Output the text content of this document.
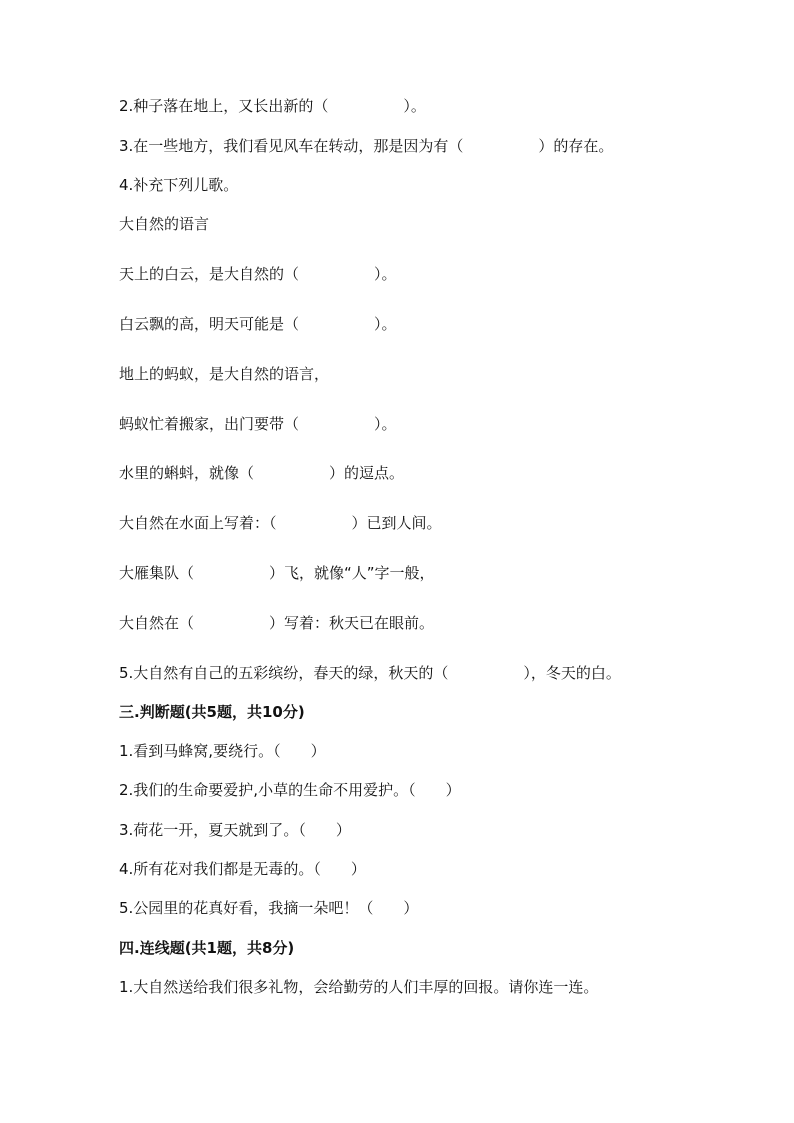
2.种子落在地上，又长出新的（　　　　　）。

3.在一些地方，我们看见风车在转动，那是因为有（　　　　　）的存在。

4.补充下列儿歌。

大自然的语言

天上的白云，是大自然的（　　　　　）。

白云飘的高，明天可能是（　　　　　）。

地上的蚂蚁，是大自然的语言，

蚂蚁忙着搬家，出门要带（　　　　　）。

水里的蝌蚪，就像（　　　　　）的逗点。

大自然在水面上写着：（　　　　　）已到人间。

大雁集队（　　　　　）飞，就像“人”字一般，

大自然在（　　　　　）写着：秋天已在眼前。

5.大自然有自己的五彩缤纷，春天的绿，秋天的（　　　　　），冬天的白。

三.判断题(共5题，共10分)

1.看到马蜂窝,要绕行。（　　）

2.我们的生命要爱护,小草的生命不用爱护。（　　）

3.荷花一开，夏天就到了。（　　）

4.所有花对我们都是无毒的。（　　）

5.公园里的花真好看，我摘一朵吧！（　　）

四.连线题(共1题，共8分)

1.大自然送给我们很多礼物，会给勤劳的人们丰厚的回报。请你连一连。
